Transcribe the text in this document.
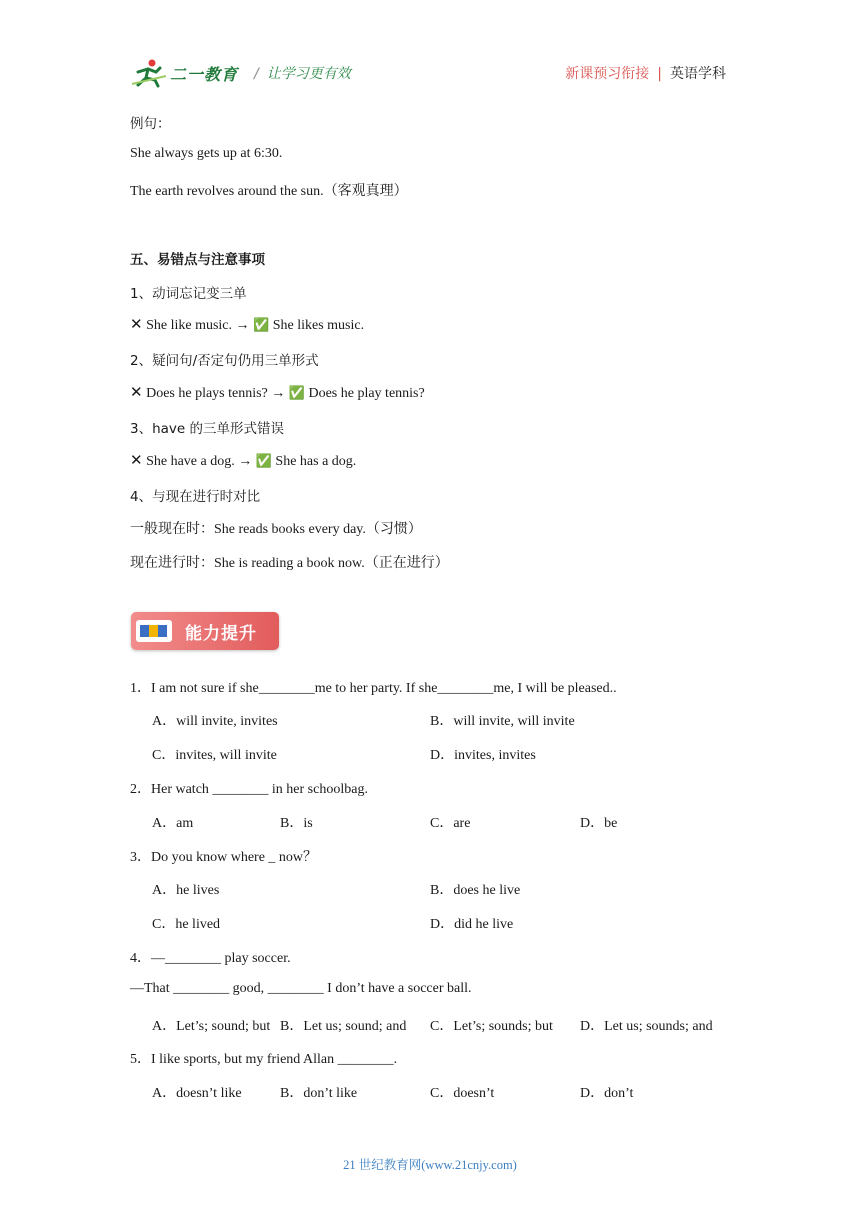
二一教育 / 让学习更有效	新课预习衔接 | 英语学科
例句：
She always gets up at 6:30.
The earth revolves around the sun.（客观真理）
五、易错点与注意事项
1、动词忘记变三单
✕ She like music. → ✅ She likes music.
2、疑问句/否定句仍用三单形式
✕ Does he plays tennis? → ✅ Does he play tennis?
3、have 的三单形式错误
✕ She have a dog. → ✅ She has a dog.
4、与现在进行时对比
一般现在时：She reads books every day.（习惯）
现在进行时：She is reading a book now.（正在进行）
能力提升
1．I am not sure if she________me to her party. If she________me, I will be pleased..
A．will invite, invites	B．will invite, will invite
C．invites, will invite	D．invites, invites
2．Her watch ________ in her schoolbag.
A．am	B．is	C．are	D．be
3．Do you know where _ now？
A．he lives	B．does he live
C．he lived	D．did he live
4．—________ play soccer.
—That ________ good, ________ I don’t have a soccer ball.
A．Let’s; sound; but B．Let us; sound; and C．Let’s; sounds; but D．Let us; sounds; and
5．I like sports, but my friend Allan ________.
A．doesn’t like	B．don’t like	C．doesn’t	D．don’t
21 世纪教育网(www.21cnjy.com)
